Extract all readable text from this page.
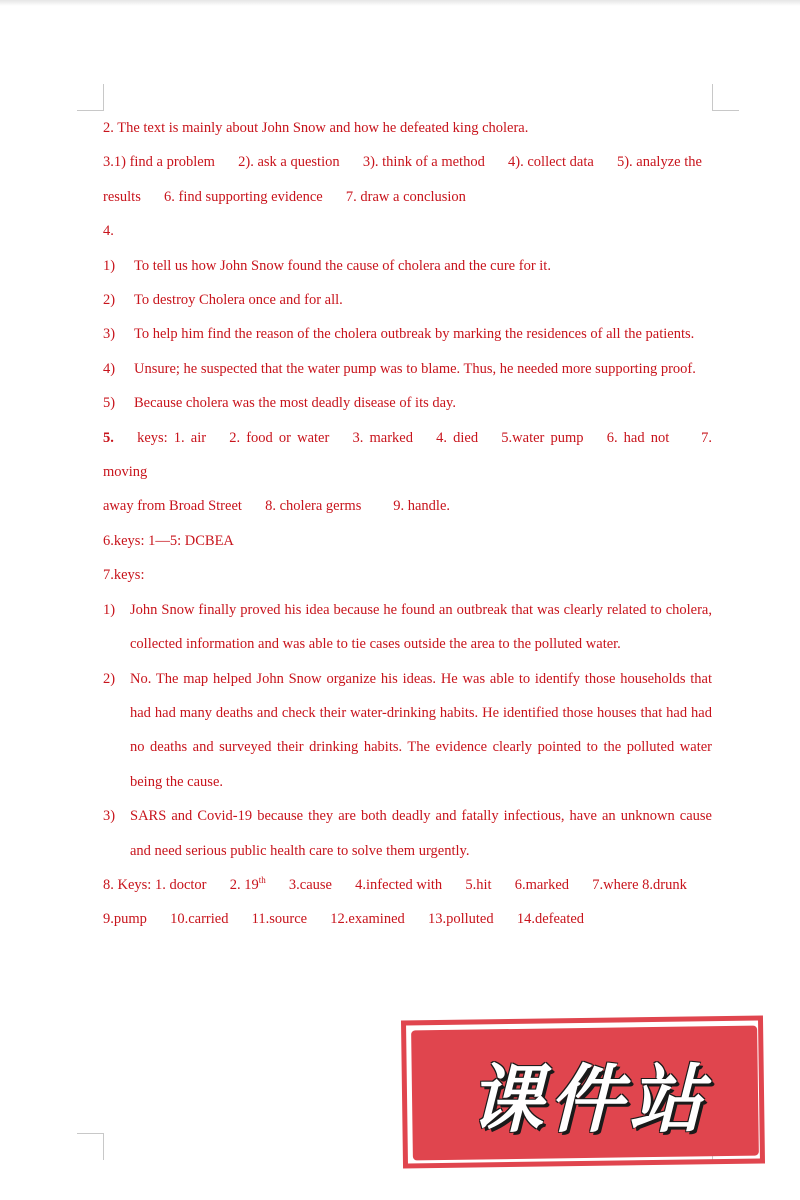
2. The text is mainly about John Snow and how he defeated king cholera.

3.1) find a problem 2). ask a question 3). think of a method 4). collect data 5). analyze the
results 6. find supporting evidence 7. draw a conclusion

4.

1) To tell us how John Snow found the cause of cholera and the cure for it.
2) To destroy Cholera once and for all.
3) To help him find the reason of the cholera outbreak by marking the residences of all the patients.
4) Unsure; he suspected that the water pump was to blame. Thus, he needed more supporting proof.
5) Because cholera was the most deadly disease of its day.

5. keys: 1. air 2. food or water 3. marked 4. died 5.water pump 6. had not 7. moving
away from Broad Street 8. cholera germs 9. handle.

6.keys: 1—5: DCBEA

7.keys:

1) John Snow finally proved his idea because he found an outbreak that was clearly related to cholera, collected information and was able to tie cases outside the area to the polluted water.
2) No. The map helped John Snow organize his ideas. He was able to identify those households that had had many deaths and check their water-drinking habits. He identified those houses that had had no deaths and surveyed their drinking habits. The evidence clearly pointed to the polluted water being the cause.
3) SARS and Covid-19 because they are both deadly and fatally infectious, have an unknown cause and need serious public health care to solve them urgently.

8. Keys: 1. doctor 2. 19th 3.cause 4.infected with 5.hit 6.marked 7.where 8.drunk
9.pump 10.carried 11.source 12.examined 13.polluted 14.defeated

课件站
